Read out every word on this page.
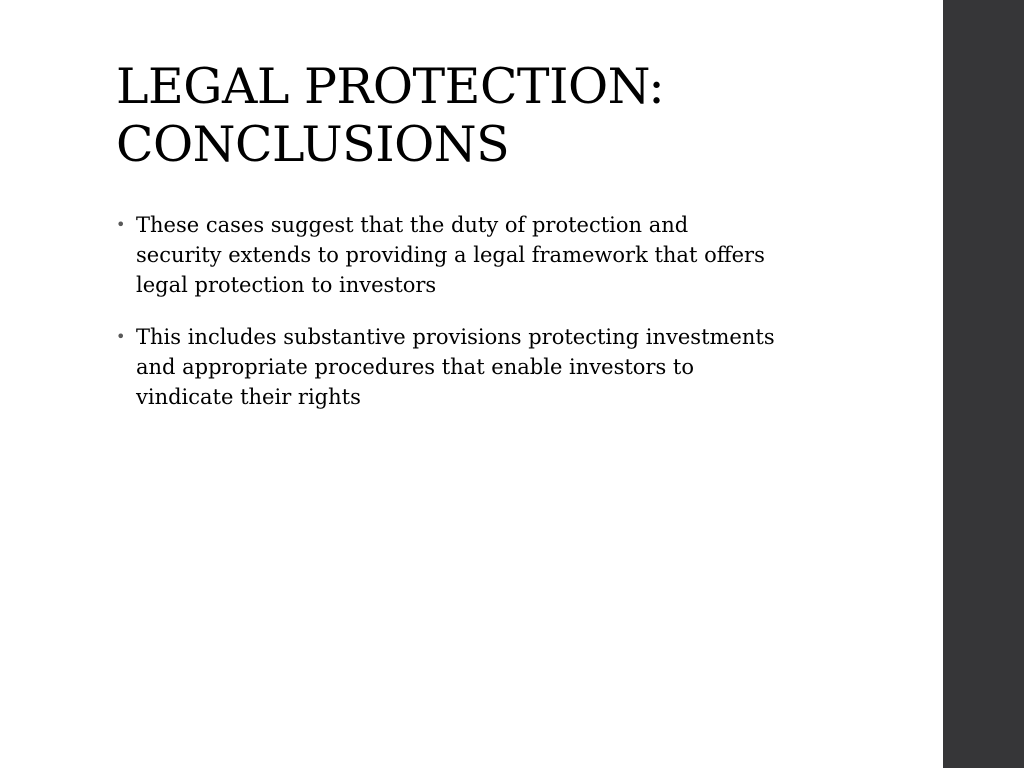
LEGAL PROTECTION:
CONCLUSIONS
• These cases suggest that the duty of protection and security extends to providing a legal framework that offers legal protection to investors
• This includes substantive provisions protecting investments and appropriate procedures that enable investors to vindicate their rights
